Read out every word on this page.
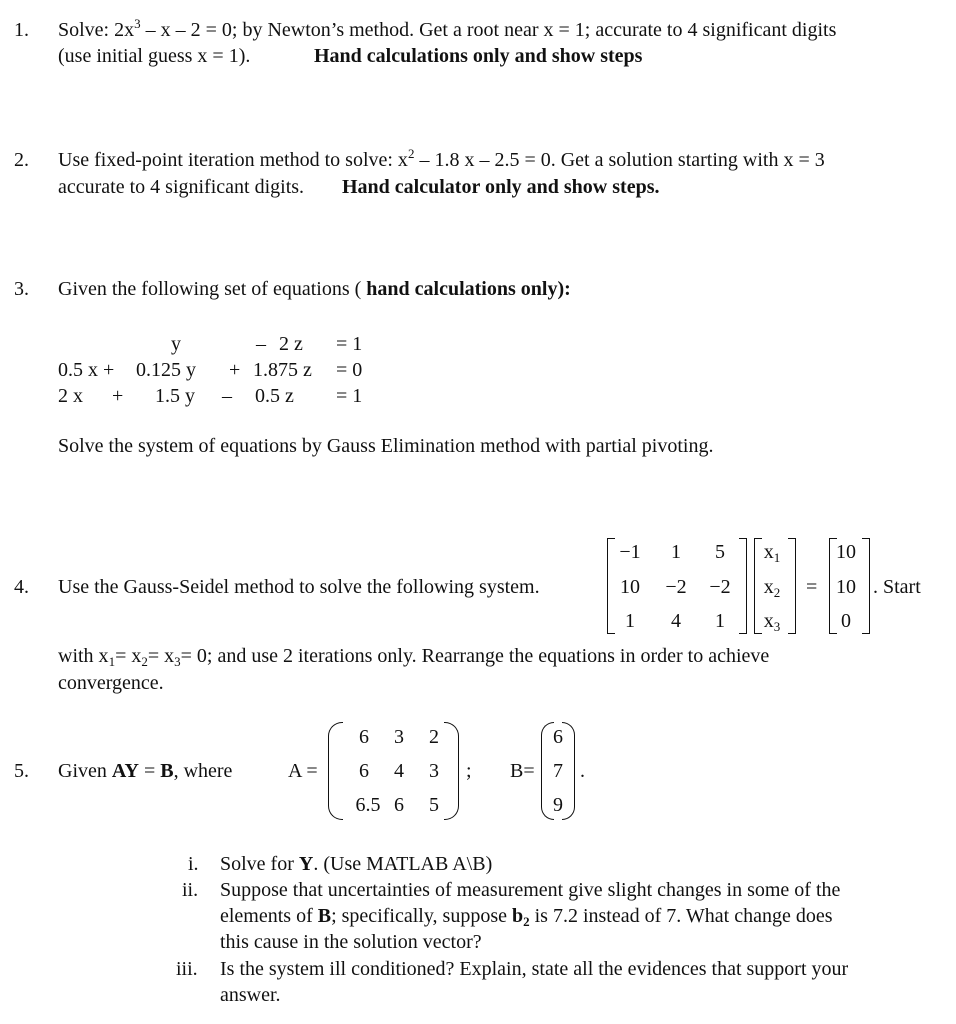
1. Solve: $2x^3 - x - 2 = 0$; by Newton’s method. Get a root near x = 1; accurate to 4 significant digits
(use initial guess x = 1).	Hand calculations only and show steps
2. Use fixed-point iteration method to solve: $x^2 - 1.8$ x – 2.5 = 0. Get a solution starting with x = 3
accurate to 4 significant digits. Hand calculator only and show steps.
3. Given the following set of equations ( hand calculations only):
y	– 2 z = 1
0.5 x + 0.125 y + 1.875 z = 0
2 x + 1.5 y – 0.5 z = 1
Solve the system of equations by Gauss Elimination method with partial pivoting.
4. Use the Gauss-Seidel method to solve the following system.
−1	1	5
10	−2	−2
1	4	1
$x_1$
$x_2$
$x_3$
=
10
10
0
. Start
with $x_1= x_2= x_3= 0$; and use 2 iterations only. Rearrange the equations in order to achieve
convergence.
5. Given AY = B, where	A =
6	3	2
6	4	3
6.5 6	5
; B=
6
7
9
.
i. Solve for Y. (Use MATLAB A\B)
ii. Suppose that uncertainties of measurement give slight changes in some of the
elements of B; specifically, suppose $b_2$ is 7.2 instead of 7. What change does
this cause in the solution vector?
iii. Is the system ill conditioned? Explain, state all the evidences that support your
answer.
